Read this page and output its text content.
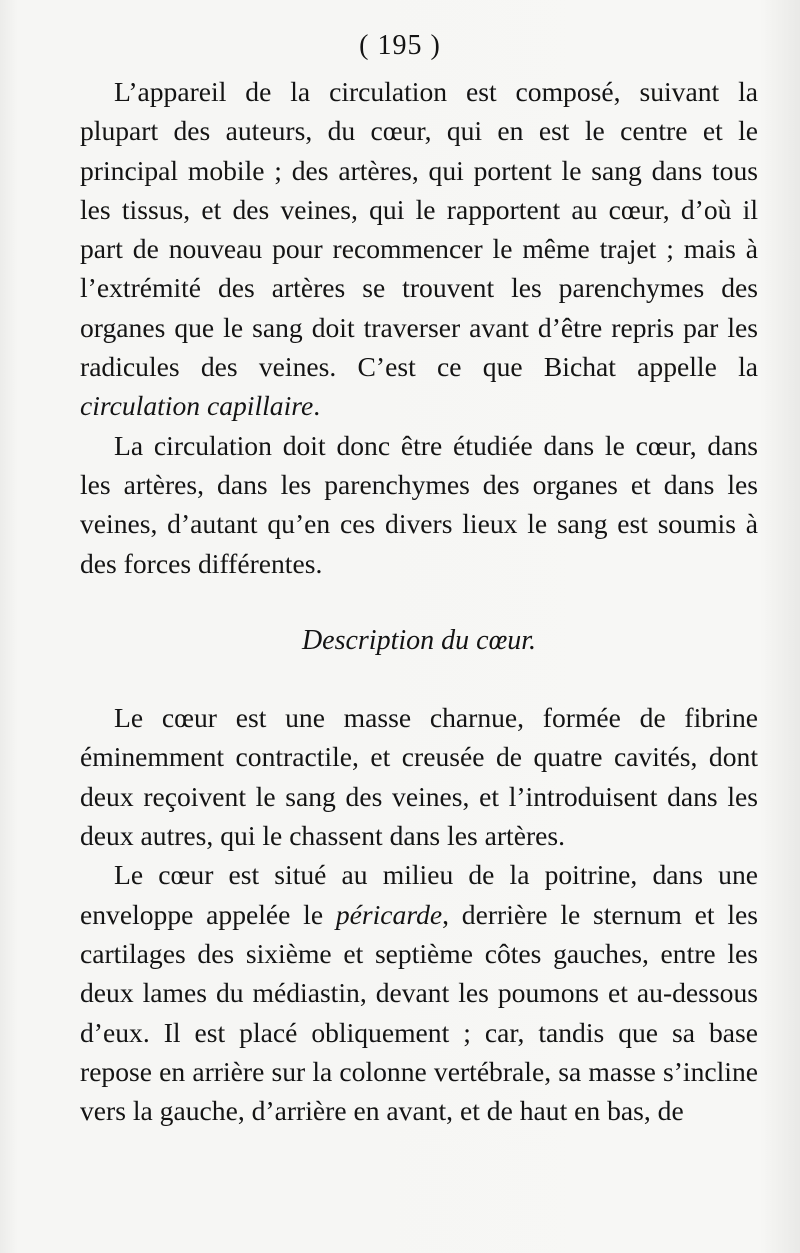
( 195 )

L’appareil de la circulation est composé, suivant la plupart des auteurs, du cœur, qui en est le centre et le principal mobile ; des artères, qui portent le sang dans tous les tissus, et des veines, qui le rapportent au cœur, d’où il part de nouveau pour recommencer le même trajet ; mais à l’extrémité des artères se trouvent les parenchymes des organes que le sang doit traverser avant d’être repris par les radicules des veines. C’est ce que Bichat appelle la circulation capillaire.

La circulation doit donc être étudiée dans le cœur, dans les artères, dans les parenchymes des organes et dans les veines, d’autant qu’en ces divers lieux le sang est soumis à des forces différentes.

Description du cœur.

Le cœur est une masse charnue, formée de fibrine éminemment contractile, et creusée de quatre cavités, dont deux reçoivent le sang des veines, et l’introduisent dans les deux autres, qui le chassent dans les artères.

Le cœur est situé au milieu de la poitrine, dans une enveloppe appelée le péricarde, derrière le sternum et les cartilages des sixième et septième côtes gauches, entre les deux lames du médiastin, devant les poumons et au-dessous d’eux. Il est placé obliquement ; car, tandis que sa base repose en arrière sur la colonne vertébrale, sa masse s’incline vers la gauche, d’arrière en avant, et de haut en bas, de
